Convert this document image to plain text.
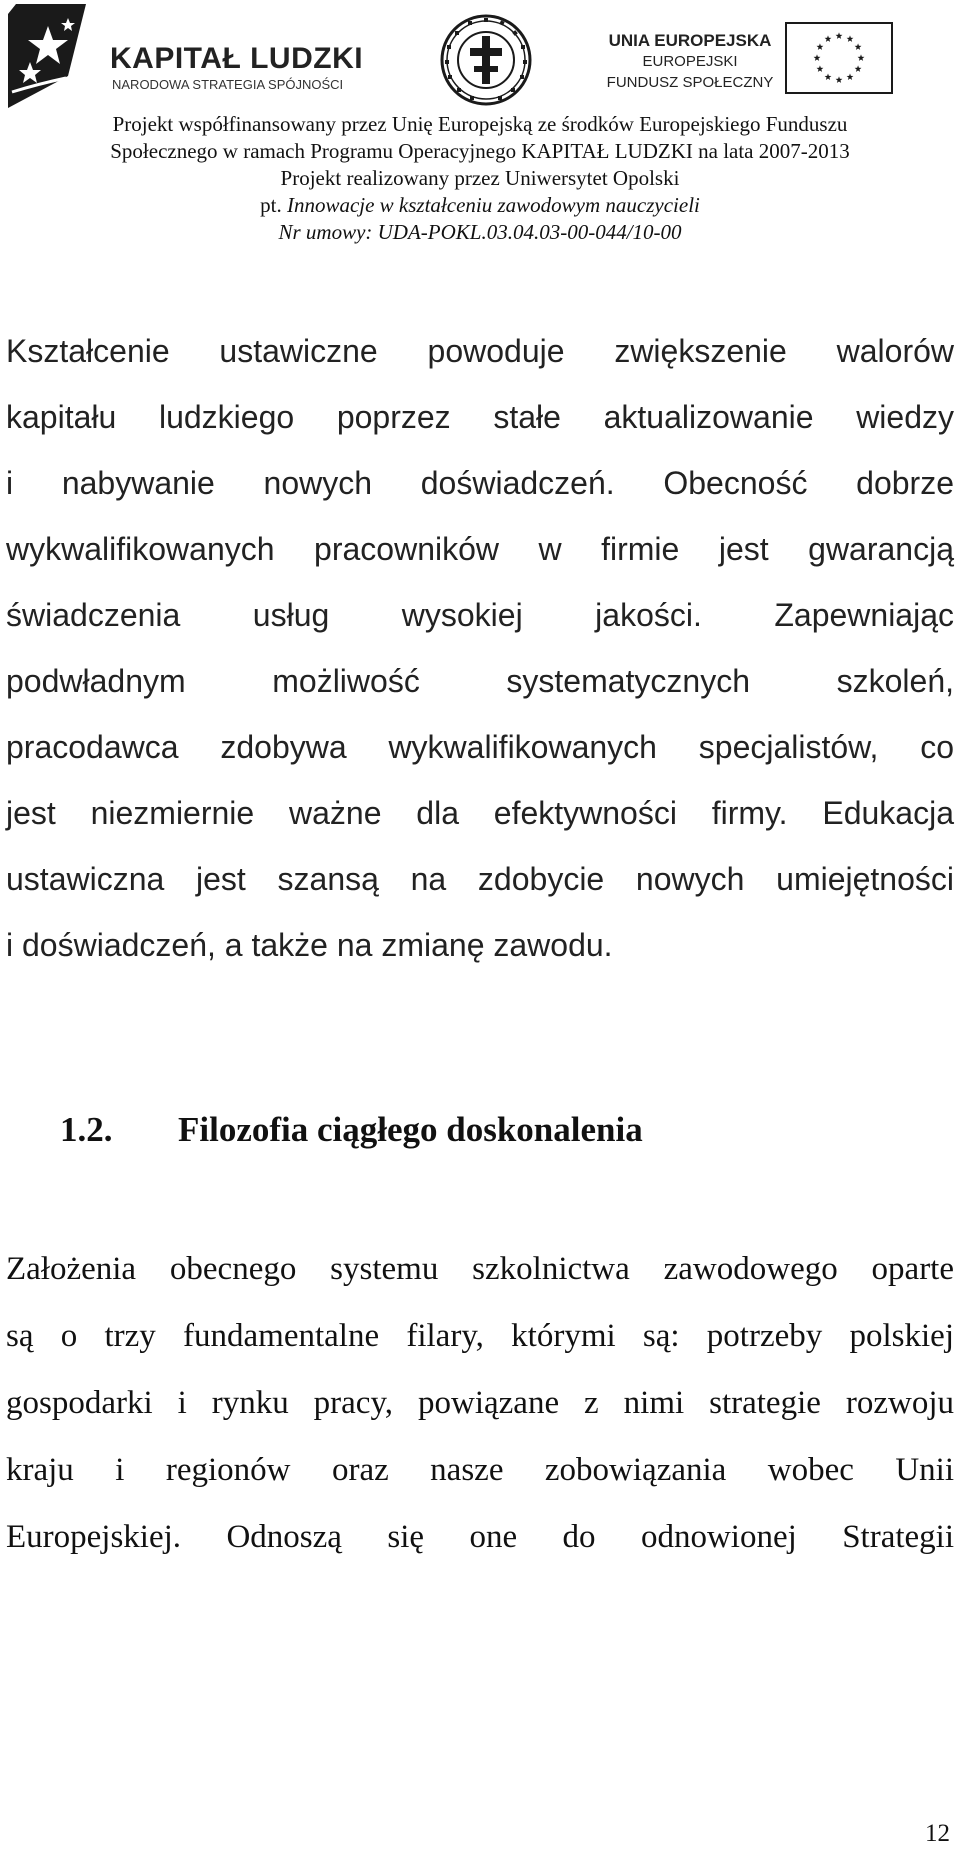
KAPITAŁ LUDZKI
NARODOWA STRATEGIA SPÓJNOŚCI
UNIA EUROPEJSKA
EUROPEJSKI
FUNDUSZ SPOŁECZNY
Projekt współfinansowany przez Unię Europejską ze środków Europejskiego Funduszu
Społecznego w ramach Programu Operacyjnego KAPITAŁ LUDZKI na lata 2007-2013
Projekt realizowany przez Uniwersytet Opolski
pt. Innowacje w kształceniu zawodowym nauczycieli
Nr umowy: UDA-POKL.03.04.03-00-044/10-00
Kształcenie ustawiczne powoduje zwiększenie walorów
kapitału ludzkiego poprzez stałe aktualizowanie wiedzy
i nabywanie nowych doświadczeń. Obecność dobrze
wykwalifikowanych pracowników w firmie jest gwarancją
świadczenia usług wysokiej jakości. Zapewniając
podwładnym możliwość systematycznych szkoleń,
pracodawca zdobywa wykwalifikowanych specjalistów, co
jest niezmiernie ważne dla efektywności firmy. Edukacja
ustawiczna jest szansą na zdobycie nowych umiejętności
i doświadczeń, a także na zmianę zawodu.
1.2. Filozofia ciągłego doskonalenia
Założenia obecnego systemu szkolnictwa zawodowego oparte
są o trzy fundamentalne filary, którymi są: potrzeby polskiej
gospodarki i rynku pracy, powiązane z nimi strategie rozwoju
kraju i regionów oraz nasze zobowiązania wobec Unii
Europejskiej. Odnoszą się one do odnowionej Strategii
12
